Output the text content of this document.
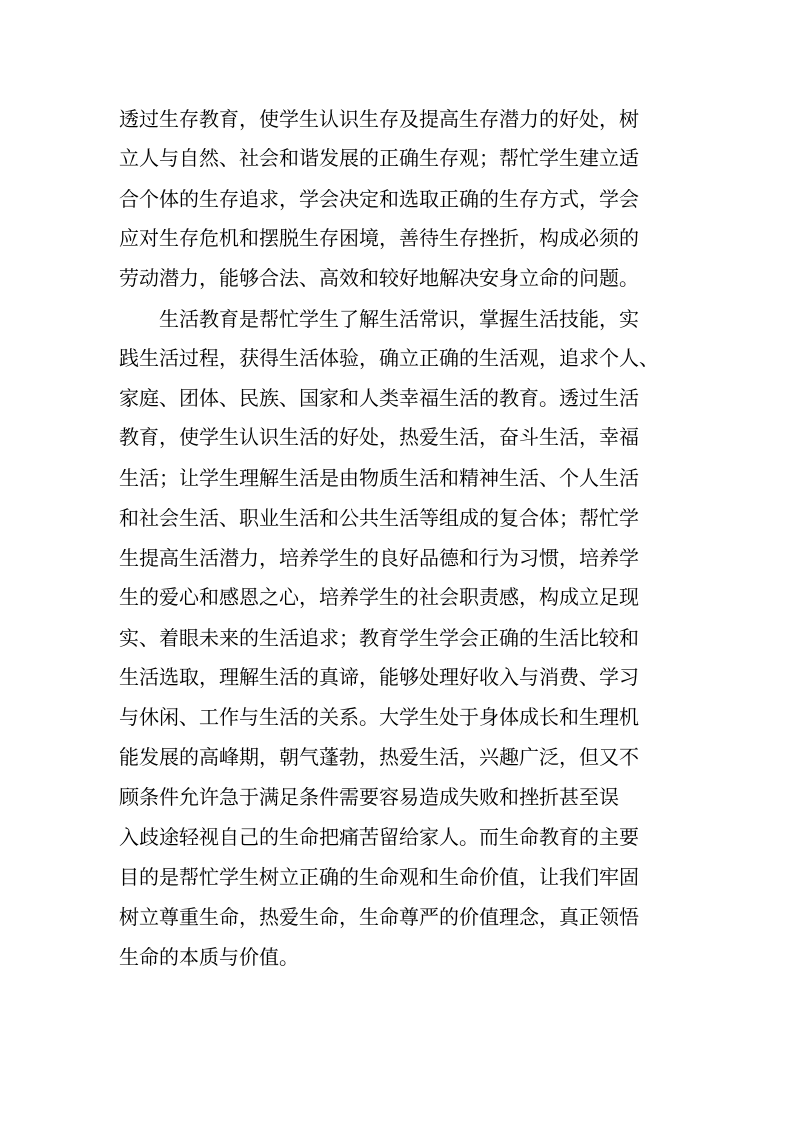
透过生存教育，使学生认识生存及提高生存潜力的好处，树
立人与自然、社会和谐发展的正确生存观；帮忙学生建立适
合个体的生存追求，学会决定和选取正确的生存方式，学会
应对生存危机和摆脱生存困境，善待生存挫折，构成必须的
劳动潜力，能够合法、高效和较好地解决安身立命的问题。
生活教育是帮忙学生了解生活常识，掌握生活技能，实
践生活过程，获得生活体验，确立正确的生活观，追求个人、
家庭、团体、民族、国家和人类幸福生活的教育。透过生活
教育，使学生认识生活的好处，热爱生活，奋斗生活，幸福
生活；让学生理解生活是由物质生活和精神生活、个人生活
和社会生活、职业生活和公共生活等组成的复合体；帮忙学
生提高生活潜力，培养学生的良好品德和行为习惯，培养学
生的爱心和感恩之心，培养学生的社会职责感，构成立足现
实、着眼未来的生活追求；教育学生学会正确的生活比较和
生活选取，理解生活的真谛，能够处理好收入与消费、学习
与休闲、工作与生活的关系。大学生处于身体成长和生理机
能发展的高峰期，朝气蓬勃，热爱生活，兴趣广泛，但又不
顾条件允许急于满足条件需要容易造成失败和挫折甚至误
入歧途轻视自己的生命把痛苦留给家人。而生命教育的主要
目的是帮忙学生树立正确的生命观和生命价值，让我们牢固
树立尊重生命，热爱生命，生命尊严的价值理念，真正领悟
生命的本质与价值。
